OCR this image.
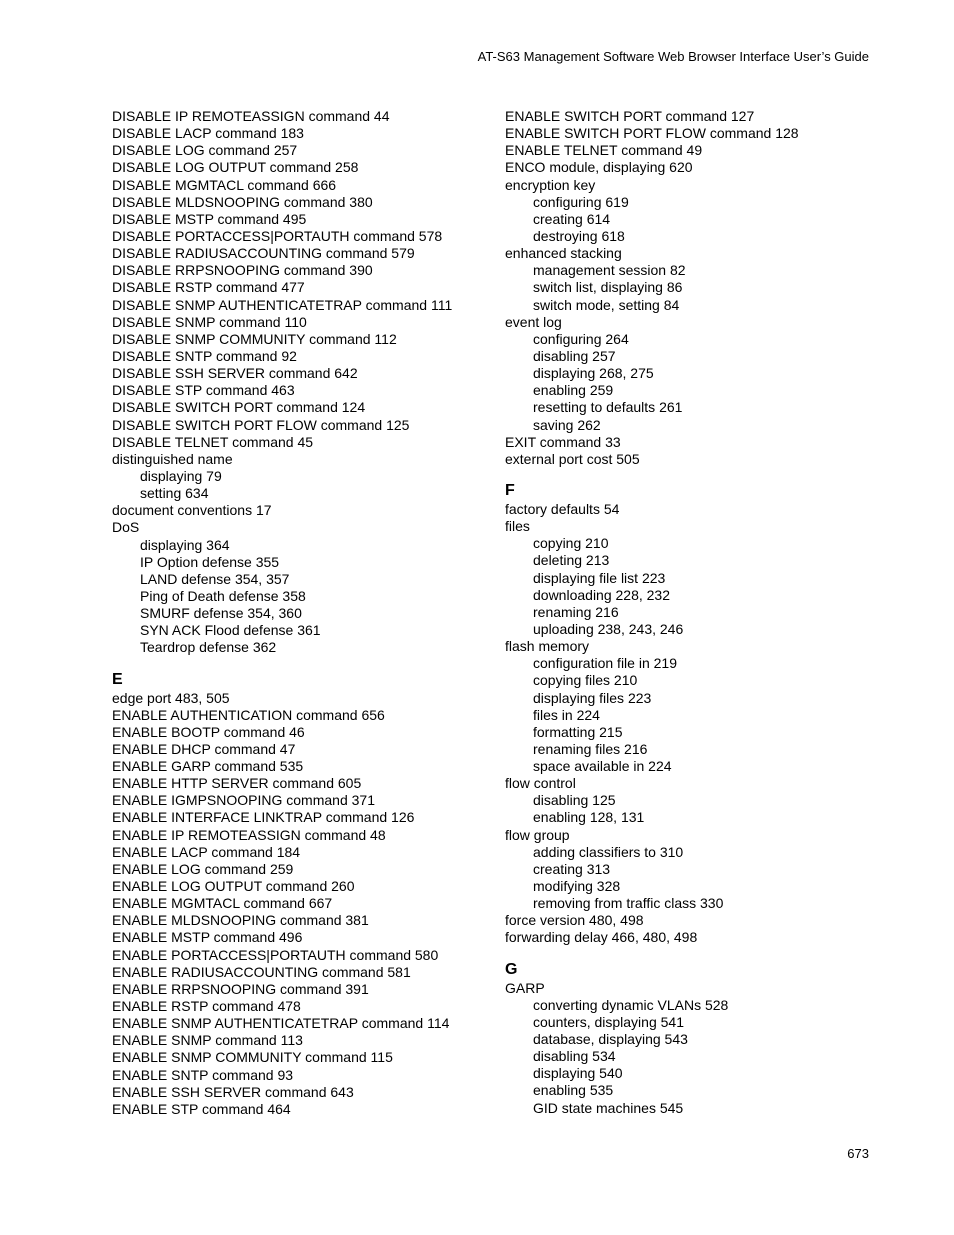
AT-S63 Management Software Web Browser Interface User’s Guide
DISABLE IP REMOTEASSIGN command 44
DISABLE LACP command 183
DISABLE LOG command 257
DISABLE LOG OUTPUT command 258
DISABLE MGMTACL command 666
DISABLE MLDSNOOPING command 380
DISABLE MSTP command 495
DISABLE PORTACCESS|PORTAUTH command 578
DISABLE RADIUSACCOUNTING command 579
DISABLE RRPSNOOPING command 390
DISABLE RSTP command 477
DISABLE SNMP AUTHENTICATETRAP command 111
DISABLE SNMP command 110
DISABLE SNMP COMMUNITY command 112
DISABLE SNTP command 92
DISABLE SSH SERVER command 642
DISABLE STP command 463
DISABLE SWITCH PORT command 124
DISABLE SWITCH PORT FLOW command 125
DISABLE TELNET command 45
distinguished name
displaying 79
setting 634
document conventions 17
DoS
displaying 364
IP Option defense 355
LAND defense 354, 357
Ping of Death defense 358
SMURF defense 354, 360
SYN ACK Flood defense 361
Teardrop defense 362
E
edge port 483, 505
ENABLE AUTHENTICATION command 656
ENABLE BOOTP command 46
ENABLE DHCP command 47
ENABLE GARP command 535
ENABLE HTTP SERVER command 605
ENABLE IGMPSNOOPING command 371
ENABLE INTERFACE LINKTRAP command 126
ENABLE IP REMOTEASSIGN command 48
ENABLE LACP command 184
ENABLE LOG command 259
ENABLE LOG OUTPUT command 260
ENABLE MGMTACL command 667
ENABLE MLDSNOOPING command 381
ENABLE MSTP command 496
ENABLE PORTACCESS|PORTAUTH command 580
ENABLE RADIUSACCOUNTING command 581
ENABLE RRPSNOOPING command 391
ENABLE RSTP command 478
ENABLE SNMP AUTHENTICATETRAP command 114
ENABLE SNMP command 113
ENABLE SNMP COMMUNITY command 115
ENABLE SNTP command 93
ENABLE SSH SERVER command 643
ENABLE STP command 464
ENABLE SWITCH PORT command 127
ENABLE SWITCH PORT FLOW command 128
ENABLE TELNET command 49
ENCO module, displaying 620
encryption key
configuring 619
creating 614
destroying 618
enhanced stacking
management session 82
switch list, displaying 86
switch mode, setting 84
event log
configuring 264
disabling 257
displaying 268, 275
enabling 259
resetting to defaults 261
saving 262
EXIT command 33
external port cost 505
F
factory defaults 54
files
copying 210
deleting 213
displaying file list 223
downloading 228, 232
renaming 216
uploading 238, 243, 246
flash memory
configuration file in 219
copying files 210
displaying files 223
files in 224
formatting 215
renaming files 216
space available in 224
flow control
disabling 125
enabling 128, 131
flow group
adding classifiers to 310
creating 313
modifying 328
removing from traffic class 330
force version 480, 498
forwarding delay 466, 480, 498
G
GARP
converting dynamic VLANs 528
counters, displaying 541
database, displaying 543
disabling 534
displaying 540
enabling 535
GID state machines 545
673
